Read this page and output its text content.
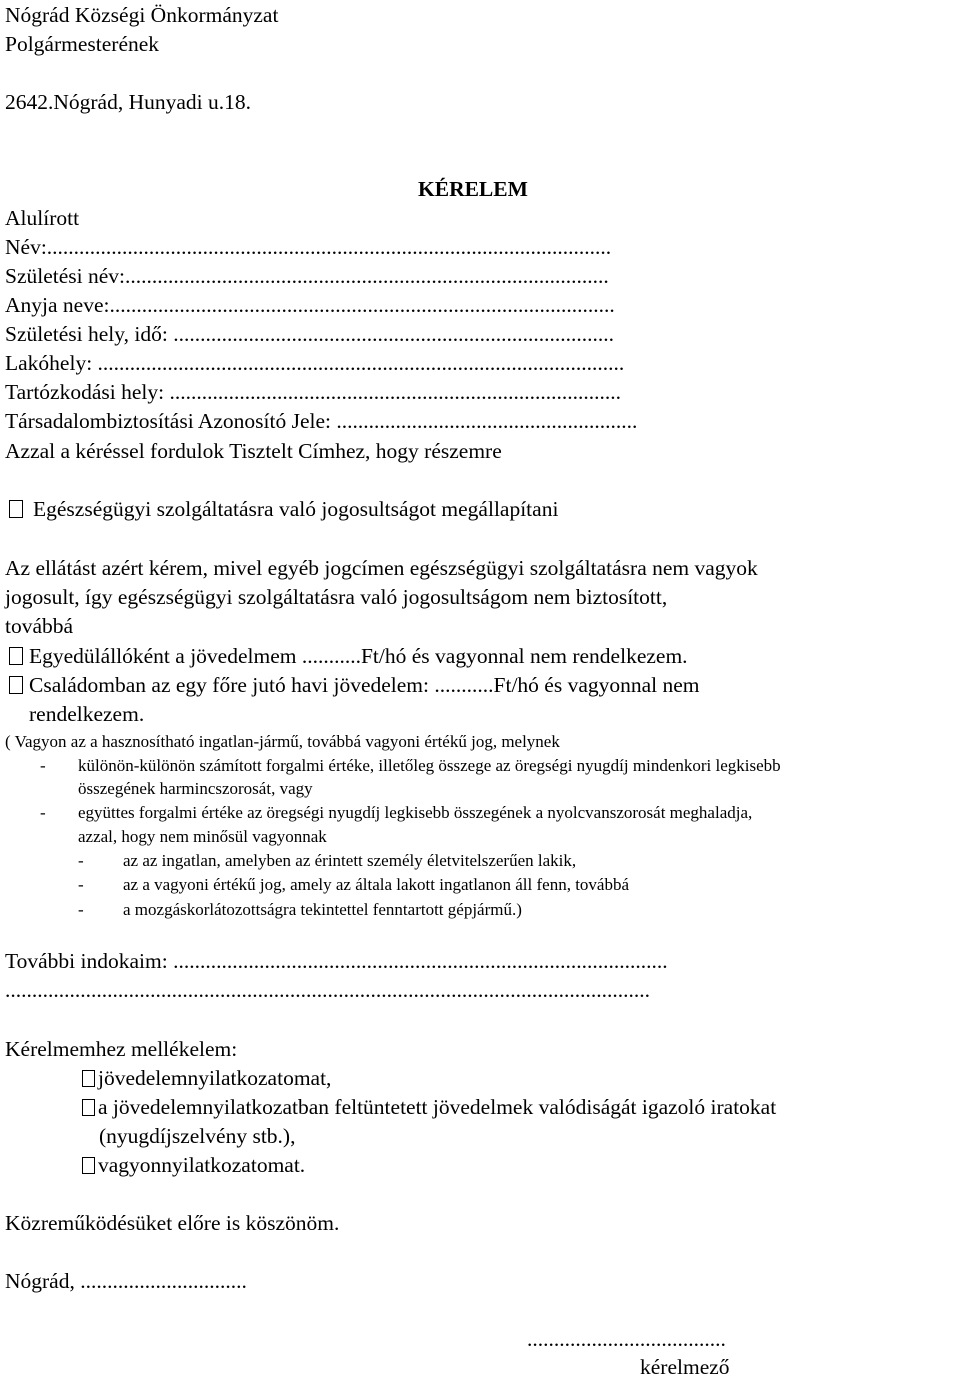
Nógrád Községi Önkormányzat
Polgármesterének
2642.Nógrád, Hunyadi u.18.
KÉRELEM
Alulírott
Név:.........................................................................................................
Születési név:..........................................................................................
Anyja neve:..............................................................................................
Születési hely, idő: ..................................................................................
Lakóhely: ..................................................................................................
Tartózkodási hely: ....................................................................................
Társadalombiztosítási Azonosító Jele: ........................................................
Azzal a kéréssel fordulok Tisztelt Címhez, hogy részemre
Egészségügyi szolgáltatásra való jogosultságot megállapítani
Az ellátást azért kérem, mivel egyéb jogcímen egészségügyi szolgáltatásra nem vagyok
jogosult, így egészségügyi szolgáltatásra való jogosultságom nem biztosított,
továbbá
Egyedülállóként a jövedelmem ...........Ft/hó és vagyonnal nem rendelkezem.
Családomban az egy főre jutó havi jövedelem: ...........Ft/hó és vagyonnal nem
rendelkezem.
( Vagyon az a hasznosítható ingatlan-jármű, továbbá vagyoni értékű jog, melynek
- különön-különön számított forgalmi értéke, illetőleg összege az öregségi nyugdíj mindenkori legkisebb
összegének harmincszorosát, vagy
- együttes forgalmi értéke az öregségi nyugdíj legkisebb összegének a nyolcvanszorosát meghaladja,
azzal, hogy nem minősül vagyonnak
- az az ingatlan, amelyben az érintett személy életvitelszerűen lakik,
- az a vagyoni értékű jog, amely az általa lakott ingatlanon áll fenn, továbbá
- a mozgáskorlátozottságra tekintettel fenntartott gépjármű.)
További indokaim: ............................................................................................
........................................................................................................................
Kérelmemhez mellékelem:
jövedelemnyilatkozatomat,
a jövedelemnyilatkozatban feltüntetett jövedelmek valódiságát igazoló iratokat
(nyugdíjszelvény stb.),
vagyonnyilatkozatomat.
Közreműködésüket előre is köszönöm.
Nógrád, ...............................
.....................................
kérelmező
